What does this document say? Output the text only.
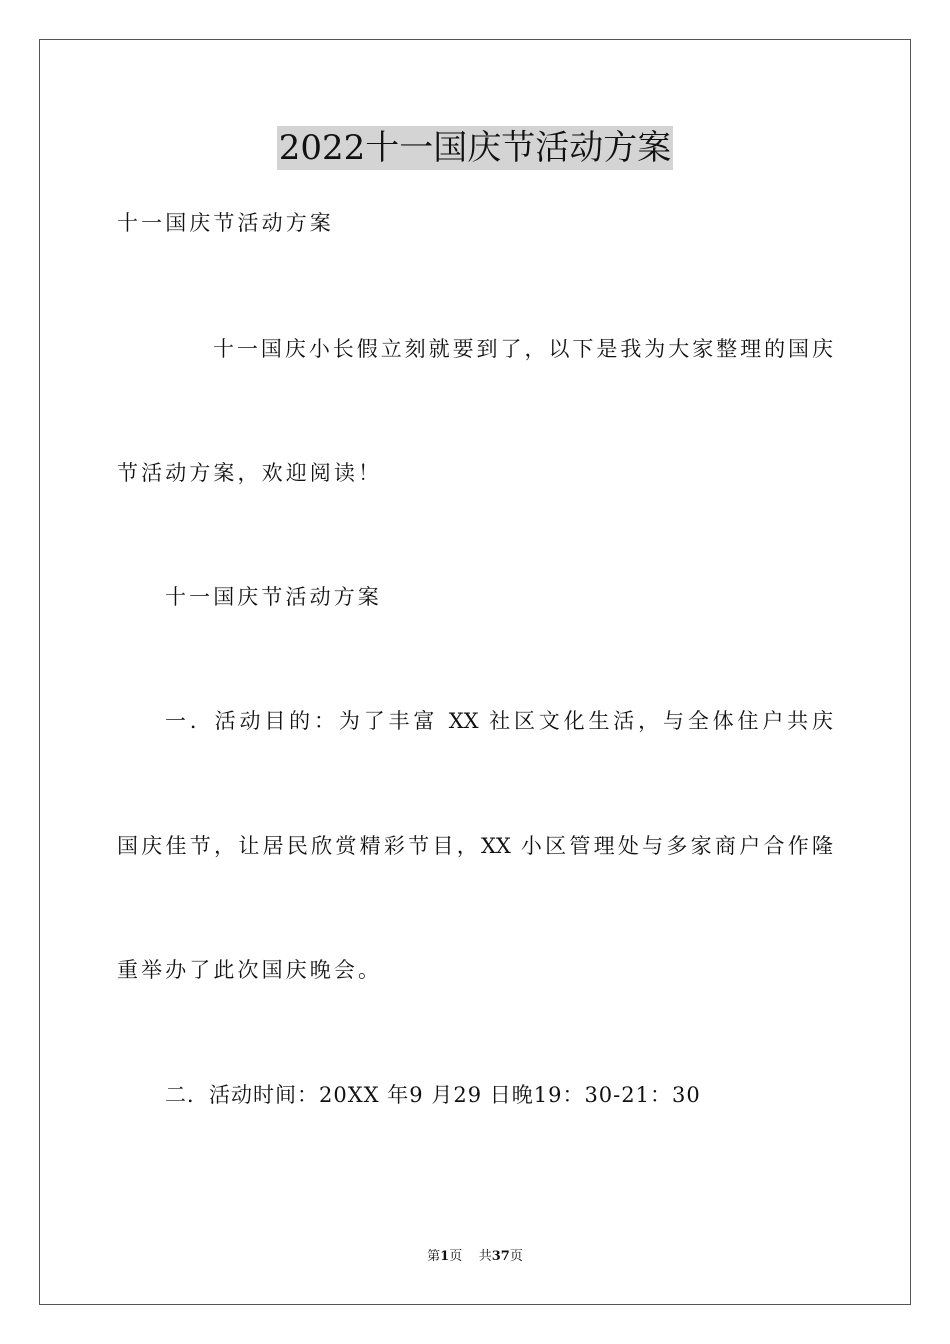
2022十一国庆节活动方案

十一国庆节活动方案

十一国庆小长假立刻就要到了，以下是我为大家整理的国庆

节活动方案，欢迎阅读！

十一国庆节活动方案

一．活动目的：为了丰富 XX 社区文化生活，与全体住户共庆

国庆佳节，让居民欣赏精彩节目，XX 小区管理处与多家商户合作隆

重举办了此次国庆晚会。

二．活动时间：20XX 年9 月29 日晚19：30-21：30

第1页 共37页
